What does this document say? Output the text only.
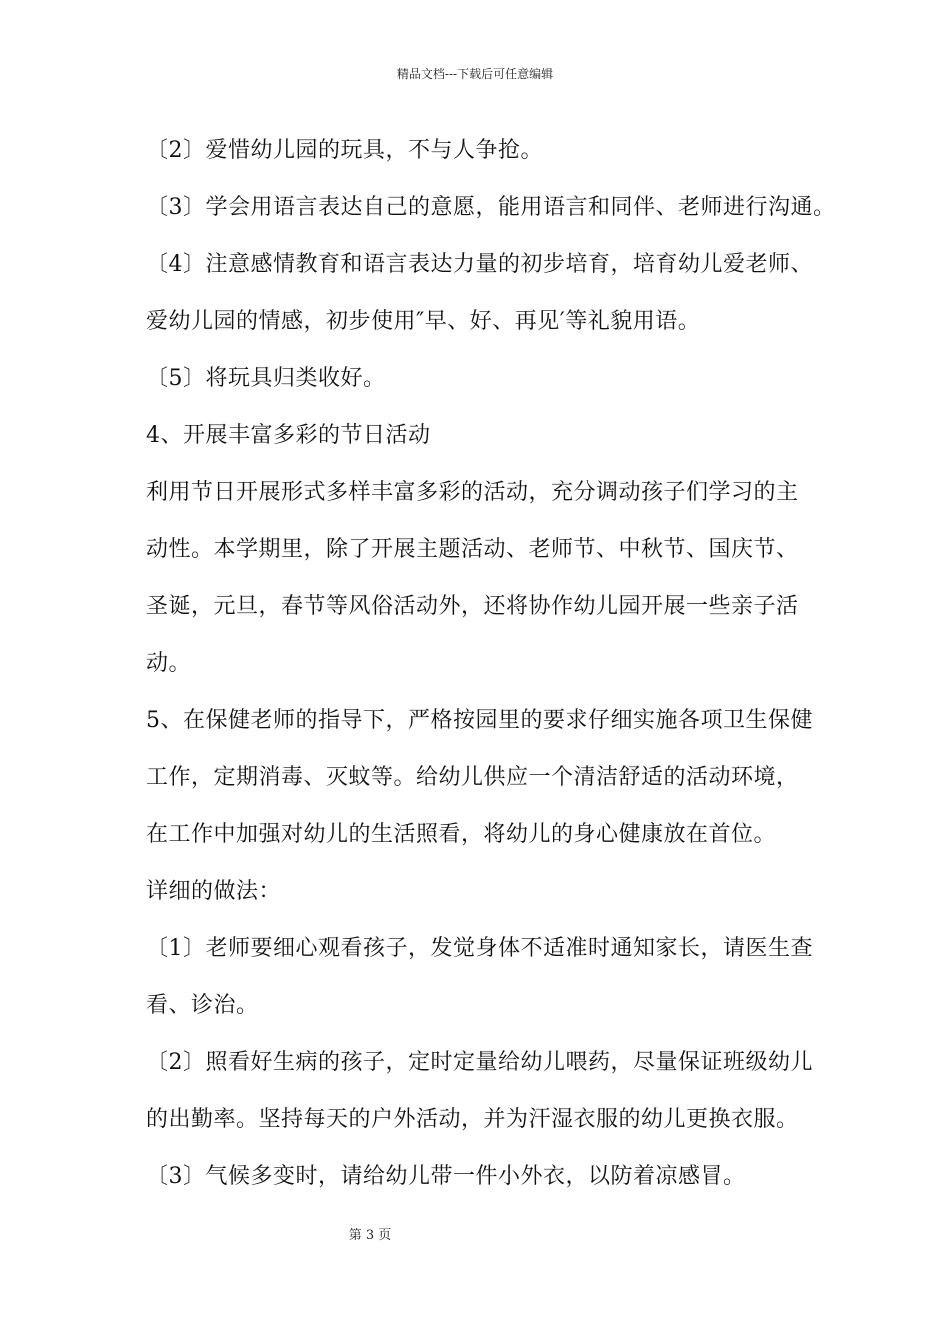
精品文档---下载后可任意编辑
〔2〕爱惜幼儿园的玩具，不与人争抢。
〔3〕学会用语言表达自己的意愿，能用语言和同伴、老师进行沟通。
〔4〕注意感情教育和语言表达力量的初步培育，培育幼儿爱老师、
爱幼儿园的情感，初步使用″早、好、再见′等礼貌用语。
〔5〕将玩具归类收好。
4、开展丰富多彩的节日活动
利用节日开展形式多样丰富多彩的活动，充分调动孩子们学习的主
动性。本学期里，除了开展主题活动、老师节、中秋节、国庆节、
圣诞，元旦，春节等风俗活动外，还将协作幼儿园开展一些亲子活
动。
5、在保健老师的指导下，严格按园里的要求仔细实施各项卫生保健
工作，定期消毒、灭蚊等。给幼儿供应一个清洁舒适的活动环境，
在工作中加强对幼儿的生活照看，将幼儿的身心健康放在首位。
详细的做法：
〔1〕老师要细心观看孩子，发觉身体不适准时通知家长，请医生查
看、诊治。
〔2〕照看好生病的孩子，定时定量给幼儿喂药，尽量保证班级幼儿
的出勤率。坚持每天的户外活动，并为汗湿衣服的幼儿更换衣服。
〔3〕气候多变时，请给幼儿带一件小外衣，以防着凉感冒。
第 3 页
